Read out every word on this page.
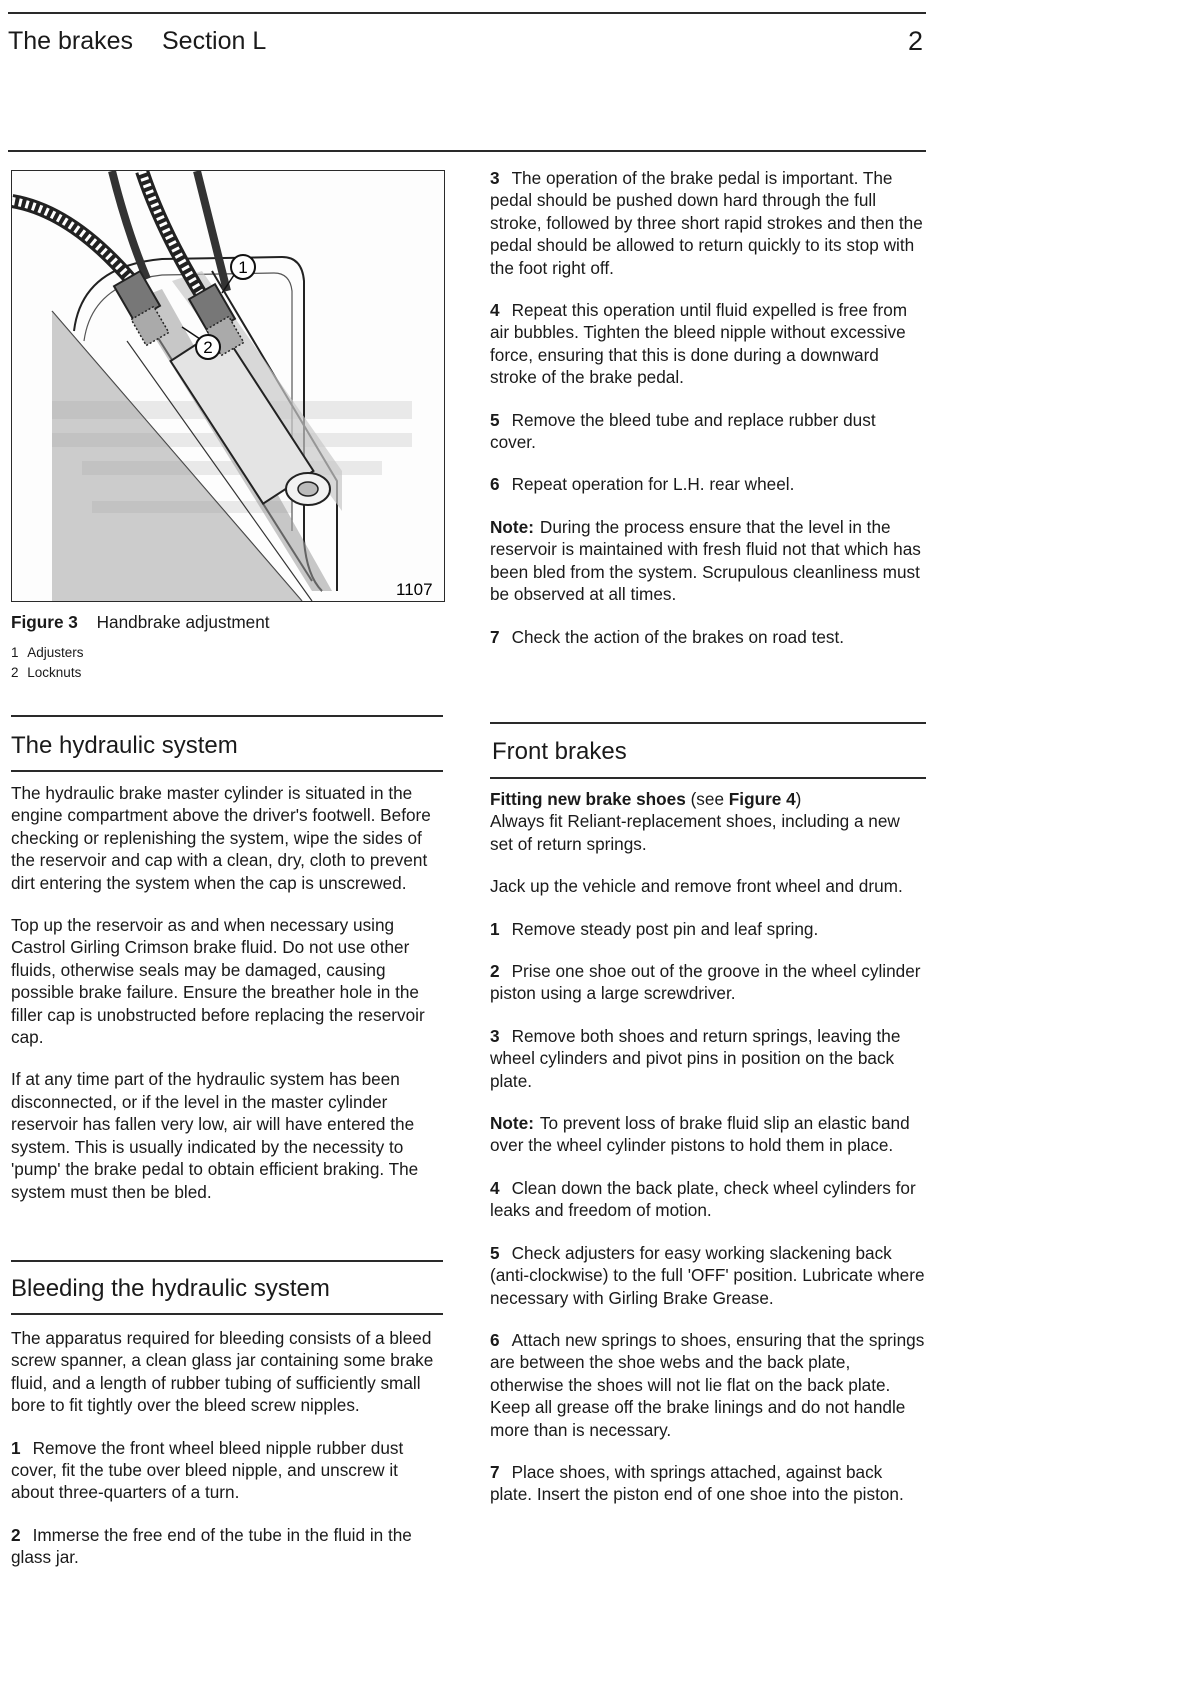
The brakes Section L	2
1
2
1107
Figure 3 Handbrake adjustment
1 Adjusters
2 Locknuts
The hydraulic system

The hydraulic brake master cylinder is situated in the engine compartment above the driver's footwell. Before checking or replenishing the system, wipe the sides of the reservoir and cap with a clean, dry, cloth to prevent dirt entering the system when the cap is unscrewed.

Top up the reservoir as and when necessary using Castrol Girling Crimson brake fluid. Do not use other fluids, otherwise seals may be damaged, causing possible brake failure. Ensure the breather hole in the filler cap is unobstructed before replacing the reservoir cap.

If at any time part of the hydraulic system has been disconnected, or if the level in the master cylinder reservoir has fallen very low, air will have entered the system. This is usually indicated by the necessity to 'pump' the brake pedal to obtain efficient braking. The system must then be bled.

Bleeding the hydraulic system

The apparatus required for bleeding consists of a bleed screw spanner, a clean glass jar containing some brake fluid, and a length of rubber tubing of sufficiently small bore to fit tightly over the bleed screw nipples.

1 Remove the front wheel bleed nipple rubber dust cover, fit the tube over bleed nipple, and unscrew it about three-quarters of a turn.

2 Immerse the free end of the tube in the fluid in the glass jar.

3 The operation of the brake pedal is important. The pedal should be pushed down hard through the full stroke, followed by three short rapid strokes and then the pedal should be allowed to return quickly to its stop with the foot right off.

4 Repeat this operation until fluid expelled is free from air bubbles. Tighten the bleed nipple without excessive force, ensuring that this is done during a downward stroke of the brake pedal.

5 Remove the bleed tube and replace rubber dust cover.

6 Repeat operation for L.H. rear wheel.

Note: During the process ensure that the level in the reservoir is maintained with fresh fluid not that which has been bled from the system. Scrupulous cleanliness must be observed at all times.

7 Check the action of the brakes on road test.

Front brakes

Fitting new brake shoes (see Figure 4)
Always fit Reliant-replacement shoes, including a new set of return springs.

Jack up the vehicle and remove front wheel and drum.

1 Remove steady post pin and leaf spring.

2 Prise one shoe out of the groove in the wheel cylinder piston using a large screwdriver.

3 Remove both shoes and return springs, leaving the wheel cylinders and pivot pins in position on the back plate.

Note: To prevent loss of brake fluid slip an elastic band over the wheel cylinder pistons to hold them in place.

4 Clean down the back plate, check wheel cylinders for leaks and freedom of motion.

5 Check adjusters for easy working slackening back (anti-clockwise) to the full 'OFF' position. Lubricate where necessary with Girling Brake Grease.

6 Attach new springs to shoes, ensuring that the springs are between the shoe webs and the back plate, otherwise the shoes will not lie flat on the back plate. Keep all grease off the brake linings and do not handle more than is necessary.

7 Place shoes, with springs attached, against back plate. Insert the piston end of one shoe into the piston.
